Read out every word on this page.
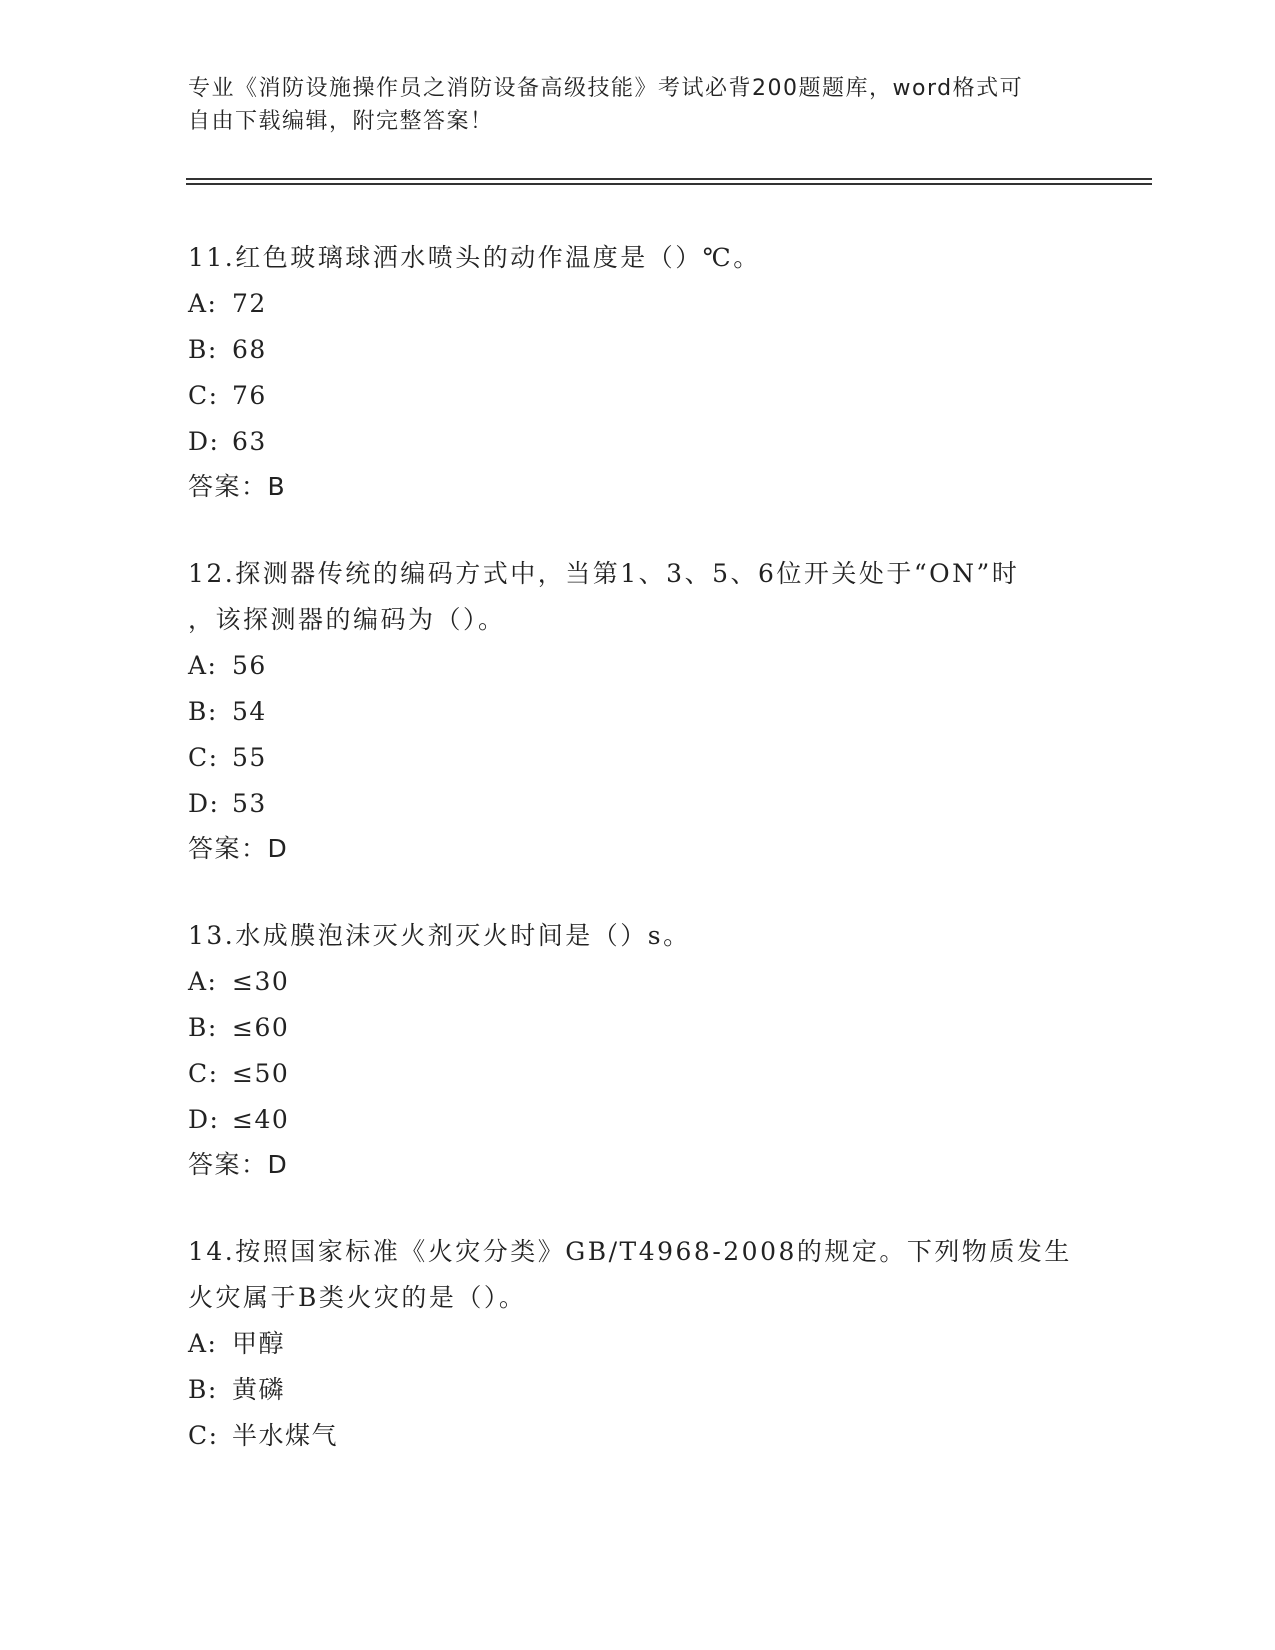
专业《消防设施操作员之消防设备高级技能》考试必背200题题库，word格式可
自由下载编辑，附完整答案！
11.红色玻璃球洒水喷头的动作温度是（）℃。
A: 72
B: 68
C: 76
D: 63
答案：B
12.探测器传统的编码方式中，当第1、3、5、6位开关处于“ON”时
，该探测器的编码为（）。
A: 56
B: 54
C: 55
D: 53
答案：D
13.水成膜泡沫灭火剂灭火时间是（）s。
A: ≤30
B: ≤60
C: ≤50
D: ≤40
答案：D
14.按照国家标准《火灾分类》GB/T4968-2008的规定。下列物质发生
火灾属于B类火灾的是（）。
A: 甲醇
B: 黄磷
C: 半水煤气
